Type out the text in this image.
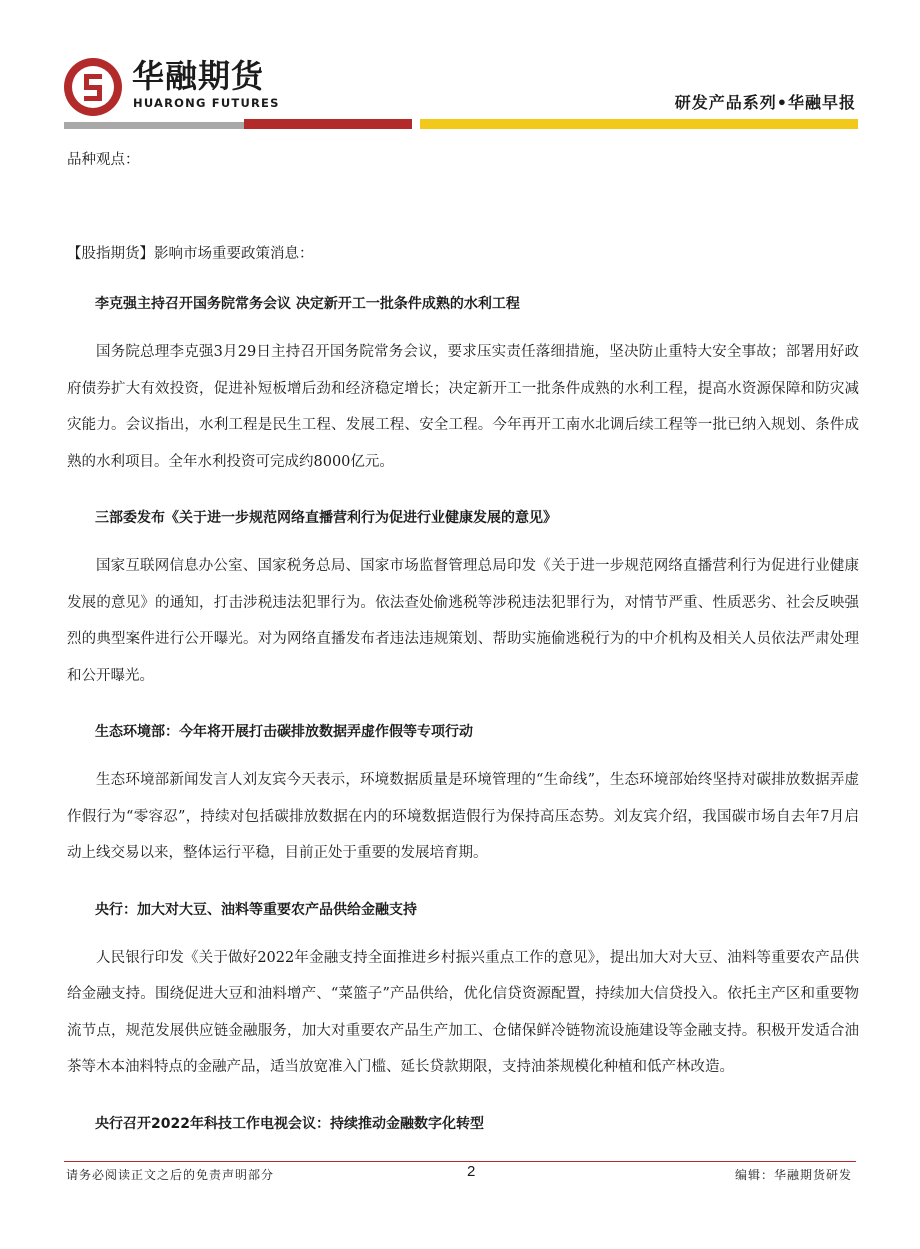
华融期货
HUARONG FUTURES	研发产品系列•华融早报
品种观点：
【股指期货】影响市场重要政策消息：
李克强主持召开国务院常务会议 决定新开工一批条件成熟的水利工程

国务院总理李克强3月29日主持召开国务院常务会议，要求压实责任落细措施，坚决防止重特大安全事故；部署用好政府债券扩大有效投资，促进补短板增后劲和经济稳定增长；决定新开工一批条件成熟的水利工程，提高水资源保障和防灾减灾能力。会议指出，水利工程是民生工程、发展工程、安全工程。今年再开工南水北调后续工程等一批已纳入规划、条件成熟的水利项目。全年水利投资可完成约8000亿元。

三部委发布《关于进一步规范网络直播营利行为促进行业健康发展的意见》

国家互联网信息办公室、国家税务总局、国家市场监督管理总局印发《关于进一步规范网络直播营利行为促进行业健康发展的意见》的通知，打击涉税违法犯罪行为。依法查处偷逃税等涉税违法犯罪行为，对情节严重、性质恶劣、社会反映强烈的典型案件进行公开曝光。对为网络直播发布者违法违规策划、帮助实施偷逃税行为的中介机构及相关人员依法严肃处理和公开曝光。

生态环境部：今年将开展打击碳排放数据弄虚作假等专项行动

生态环境部新闻发言人刘友宾今天表示，环境数据质量是环境管理的“生命线”，生态环境部始终坚持对碳排放数据弄虚作假行为“零容忍”，持续对包括碳排放数据在内的环境数据造假行为保持高压态势。刘友宾介绍，我国碳市场自去年7月启动上线交易以来，整体运行平稳，目前正处于重要的发展培育期。

央行：加大对大豆、油料等重要农产品供给金融支持

人民银行印发《关于做好2022年金融支持全面推进乡村振兴重点工作的意见》，提出加大对大豆、油料等重要农产品供给金融支持。围绕促进大豆和油料增产、“菜篮子”产品供给，优化信贷资源配置，持续加大信贷投入。依托主产区和重要物流节点，规范发展供应链金融服务，加大对重要农产品生产加工、仓储保鲜冷链物流设施建设等金融支持。积极开发适合油茶等木本油料特点的金融产品，适当放宽准入门槛、延长贷款期限，支持油茶规模化种植和低产林改造。

央行召开2022年科技工作电视会议：持续推动金融数字化转型
请务必阅读正文之后的免责声明部分	2	编辑：华融期货研发
